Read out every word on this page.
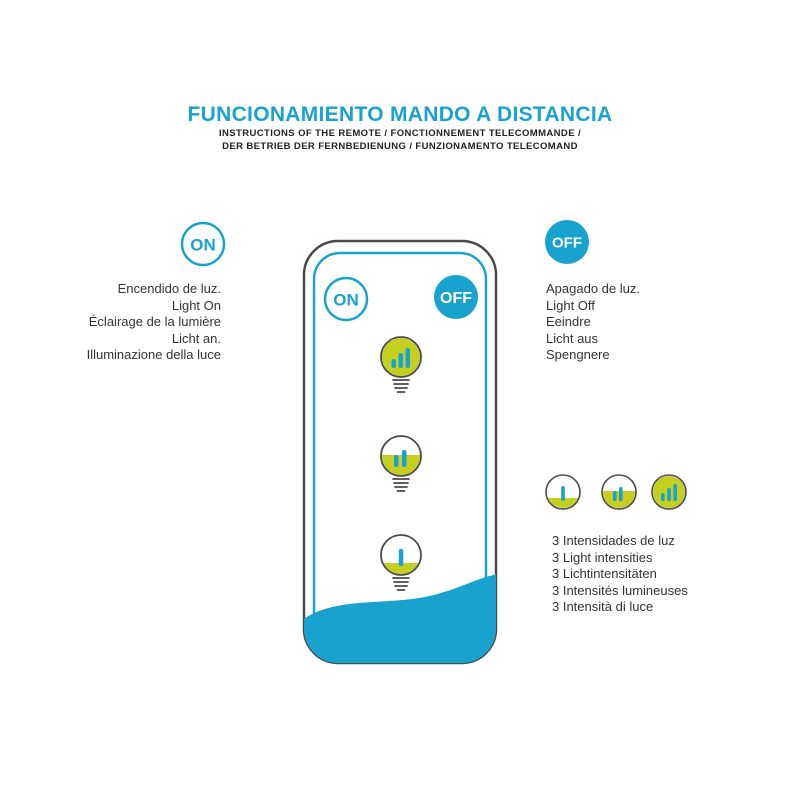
FUNCIONAMIENTO MANDO A DISTANCIA
INSTRUCTIONS OF THE REMOTE / FONCTIONNEMENT TELECOMMANDE /
DER BETRIEB DER FERNBEDIENUNG / FUNZIONAMENTO TELECOMAND
ON
Encendido de luz.
Light On
Éclairage de la lumière
Licht an.
Illuminazione della luce
OFF
Apagado de luz.
Light Off
Eeindre
Licht aus
Spengnere
ON	OFF
3 Intensidades de luz
3 Light intensities
3 Lichtintensitäten
3 Intensités lumineuses
3 Intensità di luce
